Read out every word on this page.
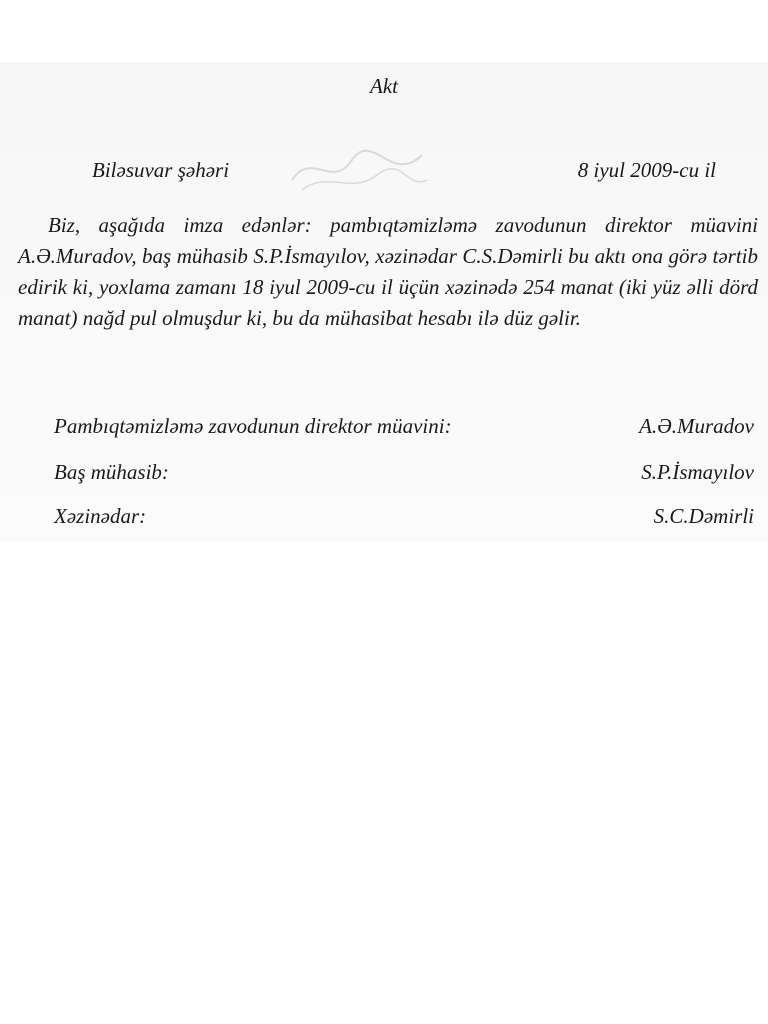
Akt
Biləsuvar şəhəri	8 iyul 2009-cu il
Biz, aşağıda imza edənlər: pambıqtəmizləmə zavodunun direktor müavini A.Ə.Muradov, baş mühasib S.P.İsmayılov, xəzinədar C.S.Dəmirli bu aktı ona görə tərtib edirik ki, yoxlama zamanı 18 iyul 2009-cu il üçün xəzinədə 254 manat (iki yüz əlli dörd manat) nağd pul olmuşdur ki, bu da mühasibat hesabı ilə düz gəlir.
Pambıqtəmizləmə zavodunun direktor müavini:	A.Ə.Muradov
Baş mühasib:	S.P.İsmayılov
Xəzinədar:	S.C.Dəmirli
